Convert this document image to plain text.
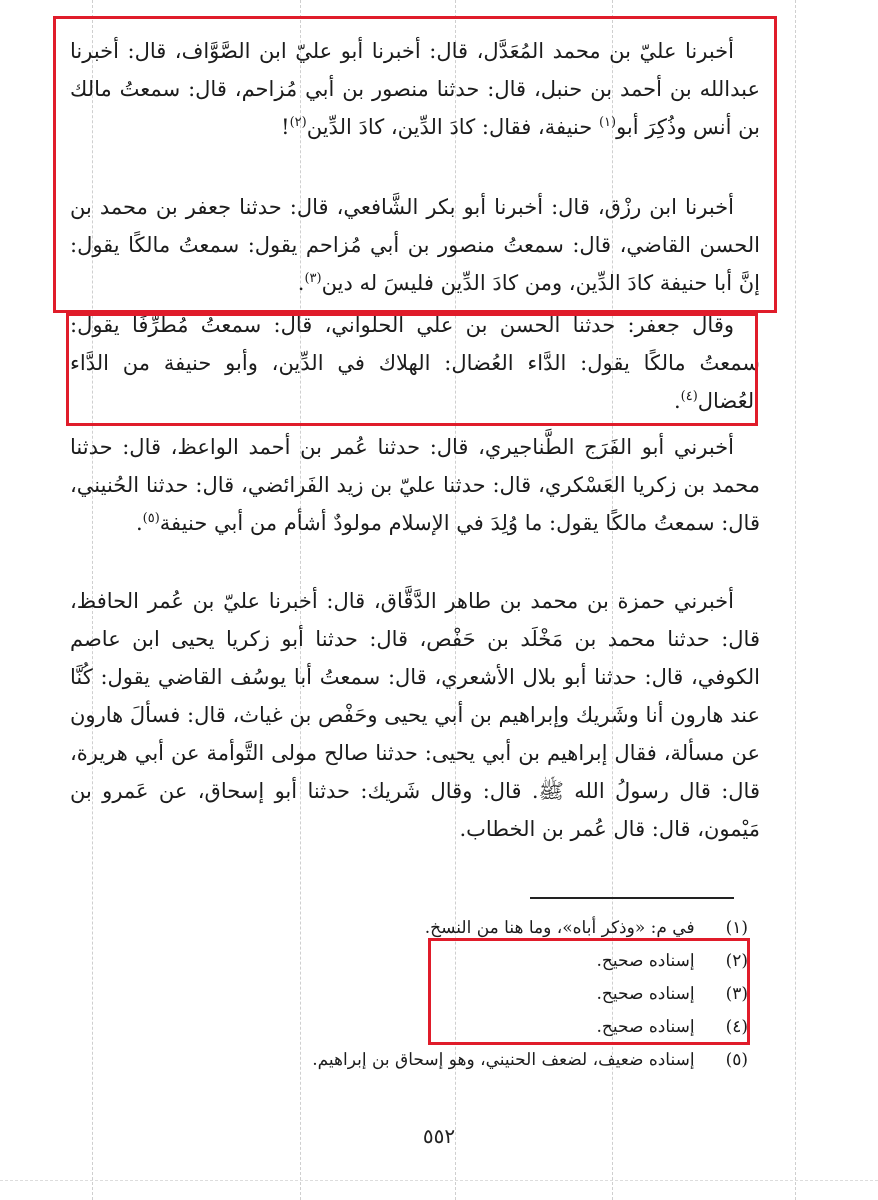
أخبرنا عليّ بن محمد المُعَدَّل، قال: أخبرنا أبو عليّ ابن الصَّوَّاف، قال: أخبرنا عبدالله بن أحمد بن حنبل، قال: حدثنا منصور بن أبي مُزاحم، قال: سمعتُ مالك بن أنس وذُكِرَ أبو$^{(١)}$ حنيفة، فقال: كادَ الدِّين، كادَ الدِّين$^{(٢)}$!

أخبرنا ابن رزْق، قال: أخبرنا أبو بكر الشَّافعي، قال: حدثنا جعفر بن محمد بن الحسن القاضي، قال: سمعتُ منصور بن أبي مُزاحم يقول: سمعتُ مالكًا يقول: إنَّ أبا حنيفة كادَ الدِّين، ومن كادَ الدِّين فليسَ له دين$^{(٣)}$.

وقال جعفر: حدثنا الحسن بن علي الحلواني، قال: سمعتُ مُطرِّفًا يقول: سمعتُ مالكًا يقول: الدَّاء العُضال: الهلاك في الدِّين، وأبو حنيفة من الدَّاء العُضال$^{(٤)}$.

أخبرني أبو الفَرَج الطَّناجيري، قال: حدثنا عُمر بن أحمد الواعظ، قال: حدثنا محمد بن زكريا العَسْكري، قال: حدثنا عليّ بن زيد الفَرائضي، قال: حدثنا الحُنيني، قال: سمعتُ مالكًا يقول: ما وُلِدَ في الإسلام مولودٌ أشأم من أبي حنيفة$^{(٥)}$.

أخبرني حمزة بن محمد بن طاهر الدَّقَّاق، قال: أخبرنا عليّ بن عُمر الحافظ، قال: حدثنا محمد بن مَخْلَد بن حَفْص، قال: حدثنا أبو زكريا يحيى ابن عاصم الكوفي، قال: حدثنا أبو بلال الأشعري، قال: سمعتُ أبا يوسُف القاضي يقول: كُنَّا عند هارون أنا وشَريك وإبراهيم بن أبي يحيى وحَفْص بن غياث، قال: فسألَ هارون عن مسألة، فقال إبراهيم بن أبي يحيى: حدثنا صالح مولى التَّوأمة عن أبي هريرة، قال: قال رسولُ الله ﷺ. قال: وقال شَريك: حدثنا أبو إسحاق، عن عَمرو بن مَيْمون، قال: قال عُمر بن الخطاب.

(١) في م: «وذكر أباه»، وما هنا من النسخ.
(٢) إسناده صحيح.
(٣) إسناده صحيح.
(٤) إسناده صحيح.
(٥) إسناده ضعيف، لضعف الحنيني، وهو إسحاق بن إبراهيم.
٥٥٢
